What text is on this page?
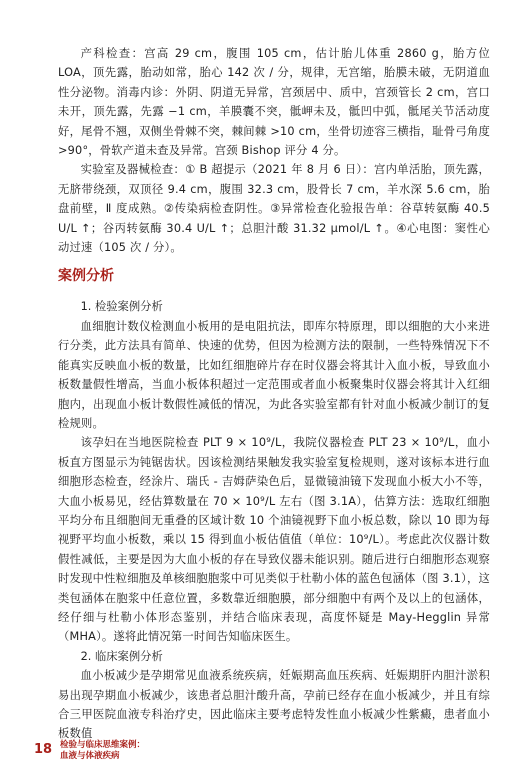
产科检查：宫高 29 cm，腹围 105 cm，估计胎儿体重 2860 g，胎方位 LOA，顶先露，胎动如常，胎心 142 次 / 分，规律，无宫缩，胎膜未破，无阴道血性分泌物。消毒内诊：外阴、阴道无异常，宫颈居中、质中，宫颈管长 2 cm，宫口未开，顶先露，先露 −1 cm，羊膜囊不突，骶岬未及，骶凹中弧，骶尾关节活动度好，尾骨不翘，双侧坐骨棘不突，棘间棘 >10 cm，坐骨切迹容三横指，耻骨弓角度 >90°，骨软产道未查及异常。宫颈 Bishop 评分 4 分。

实验室及器械检查：① B 超提示（2021 年 8 月 6 日）：宫内单活胎，顶先露，无脐带绕颈，双顶径 9.4 cm，腹围 32.3 cm，股骨长 7 cm，羊水深 5.6 cm，胎盘前壁，Ⅱ 度成熟。②传染病检查阴性。③异常检查化验报告单：谷草转氨酶 40.5 U/L ↑；谷丙转氨酶 30.4 U/L ↑；总胆汁酸 31.32 μmol/L ↑。④心电图：窦性心动过速（105 次 / 分）。

案例分析

1. 检验案例分析

血细胞计数仪检测血小板用的是电阻抗法，即库尔特原理，即以细胞的大小来进行分类，此方法具有简单、快速的优势，但因为检测方法的限制，一些特殊情况下不能真实反映血小板的数量，比如红细胞碎片存在时仪器会将其计入血小板，导致血小板数量假性增高，当血小板体积超过一定范围或者血小板聚集时仪器会将其计入红细胞内，出现血小板计数假性减低的情况，为此各实验室都有针对血小板减少制订的复检规则。

该孕妇在当地医院检查 PLT 9 × 10⁹/L，我院仪器检查 PLT 23 × 10⁹/L，血小板直方图显示为钝锯齿状。因该检测结果触发我实验室复检规则，遂对该标本进行血细胞形态检查，经涂片、瑞氏 - 吉姆萨染色后，显微镜油镜下发现血小板大小不等，大血小板易见，经估算数量在 70 × 10⁹/L 左右（图 3.1A），估算方法：选取红细胞平均分布且细胞间无重叠的区域计数 10 个油镜视野下血小板总数，除以 10 即为每视野平均血小板数，乘以 15 得到血小板估值值（单位：10⁹/L）。考虑此次仪器计数假性减低，主要是因为大血小板的存在导致仪器未能识别。随后进行白细胞形态观察时发现中性粒细胞及单核细胞胞浆中可见类似于杜勒小体的蓝色包涵体（图 3.1），这类包涵体在胞浆中任意位置，多数靠近细胞膜，部分细胞中有两个及以上的包涵体，经仔细与杜勒小体形态鉴别，并结合临床表现，高度怀疑是 May-Hegglin 异常（MHA）。遂将此情况第一时间告知临床医生。

2. 临床案例分析

血小板减少是孕期常见血液系统疾病，妊娠期高血压疾病、妊娠期肝内胆汁淤积易出现孕期血小板减少，该患者总胆汁酸升高，孕前已经存在血小板减少，并且有综合三甲医院血液专科治疗史，因此临床主要考虑特发性血小板减少性紫癜，患者血小板数值

18 检验与临床思维案例：
血液与体液疾病
